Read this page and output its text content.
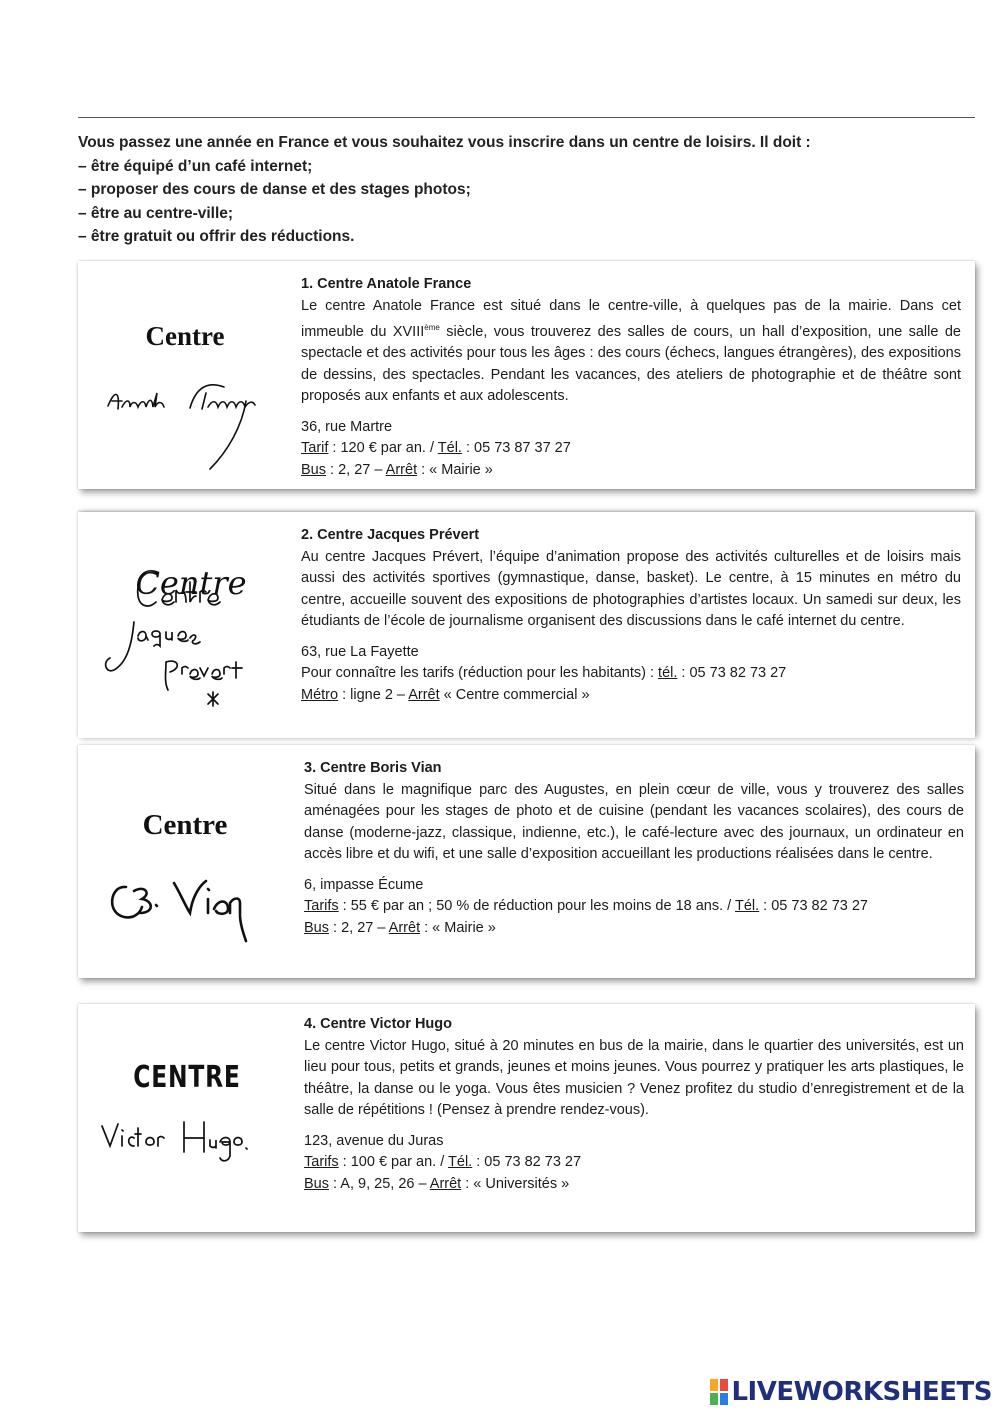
Vous passez une année en France et vous souhaitez vous inscrire dans un centre de loisirs. Il doit :
– être équipé d’un café internet;
– proposer des cours de danse et des stages photos;
– être au centre-ville;
– être gratuit ou offrir des réductions.
Centre
1. Centre Anatole France
Le centre Anatole France est situé dans le centre-ville, à quelques pas de la mairie. Dans cet immeuble du XVIIIème siècle, vous trouverez des salles de cours, un hall d’exposition, une salle de spectacle et des activités pour tous les âges : des cours (échecs, langues étrangères), des expositions de dessins, des spectacles. Pendant les vacances, des ateliers de photographie et de théâtre sont proposés aux enfants et aux adolescents.
36, rue Martre
Tarif : 120 € par an. / Tél. : 05 73 87 37 27
Bus : 2, 27 – Arrêt : « Mairie »
Centre
2. Centre Jacques Prévert
Au centre Jacques Prévert, l’équipe d’animation propose des activités culturelles et de loisirs mais aussi des activités sportives (gymnastique, danse, basket). Le centre, à 15 minutes en métro du centre, accueille souvent des expositions de photographies d’artistes locaux. Un samedi sur deux, les étudiants de l’école de journalisme organisent des discussions dans le café internet du centre.
63, rue La Fayette
Pour connaître les tarifs (réduction pour les habitants) : tél. : 05 73 82 73 27
Métro : ligne 2 – Arrêt « Centre commercial »
Centre
3. Centre Boris Vian
Situé dans le magnifique parc des Augustes, en plein cœur de ville, vous y trouverez des salles aménagées pour les stages de photo et de cuisine (pendant les vacances scolaires), des cours de danse (moderne-jazz, classique, indienne, etc.), le café-lecture avec des journaux, un ordinateur en accès libre et du wifi, et une salle d’exposition accueillant les productions réalisées dans le centre.
6, impasse Écume
Tarifs : 55 € par an ; 50 % de réduction pour les moins de 18 ans. / Tél. : 05 73 82 73 27
Bus : 2, 27 – Arrêt : « Mairie »
CENTRE
4. Centre Victor Hugo
Le centre Victor Hugo, situé à 20 minutes en bus de la mairie, dans le quartier des universités, est un lieu pour tous, petits et grands, jeunes et moins jeunes. Vous pourrez y pratiquer les arts plastiques, le théâtre, la danse ou le yoga. Vous êtes musicien ? Venez profitez du studio d’enregistrement et de la salle de répétitions ! (Pensez à prendre rendez-vous).
123, avenue du Juras
Tarifs : 100 € par an. / Tél. : 05 73 82 73 27
Bus : A, 9, 25, 26 – Arrêt : « Universités »
LIVEWORKSHEETS
